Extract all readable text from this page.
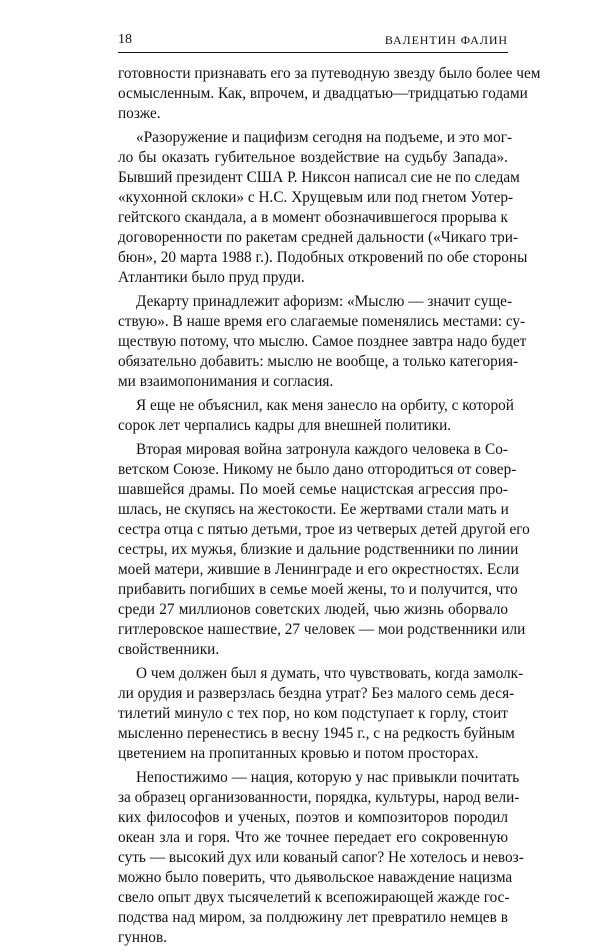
18	ВАЛЕНТИН ФАЛИН
готовности признавать его за путеводную звезду было более чем
осмысленным. Как, впрочем, и двадцатью—тридцатью годами
позже.
«Разоружение и пацифизм сегодня на подъеме, и это мог-
ло бы оказать губительное воздействие на судьбу Запада».
Бывший президент США Р. Никсон написал сие не по следам
«кухонной склоки» с Н.С. Хрущевым или под гнетом Уотер-
гейтского скандала, а в момент обозначившегося прорыва к
договоренности по ракетам средней дальности («Чикаго три-
бюн», 20 марта 1988 г.). Подобных откровений по обе стороны
Атлантики было пруд пруди.
Декарту принадлежит афоризм: «Мыслю — значит суще-
ствую». В наше время его слагаемые поменялись местами: су-
ществую потому, что мыслю. Самое позднее завтра надо будет
обязательно добавить: мыслю не вообще, а только категория-
ми взаимопонимания и согласия.
Я еще не объяснил, как меня занесло на орбиту, с которой
сорок лет черпались кадры для внешней политики.
Вторая мировая война затронула каждого человека в Со-
ветском Союзе. Никому не было дано отгородиться от совер-
шавшейся драмы. По моей семье нацистская агрессия про-
шлась, не скупясь на жестокости. Ее жертвами стали мать и
сестра отца с пятью детьми, трое из четверых детей другой его
сестры, их мужья, близкие и дальние родственники по линии
моей матери, жившие в Ленинграде и его окрестностях. Если
прибавить погибших в семье моей жены, то и получится, что
среди 27 миллионов советских людей, чью жизнь оборвало
гитлеровское нашествие, 27 человек — мои родственники или
свойственники.
О чем должен был я думать, что чувствовать, когда замолк-
ли орудия и разверзлась бездна утрат? Без малого семь деся-
тилетий минуло с тех пор, но ком подступает к горлу, стоит
мысленно перенестись в весну 1945 г., с на редкость буйным
цветением на пропитанных кровью и потом просторах.
Непостижимо — нация, которую у нас привыкли почитать
за образец организованности, порядка, культуры, народ вели-
ких философов и ученых, поэтов и композиторов породил
океан зла и горя. Что же точнее передает его сокровенную
суть — высокий дух или кованый сапог? Не хотелось и невоз-
можно было поверить, что дьявольское наваждение нацизма
свело опыт двух тысячелетий к всепожирающей жажде гос-
подства над миром, за полдюжину лет превратило немцев в
гуннов.
